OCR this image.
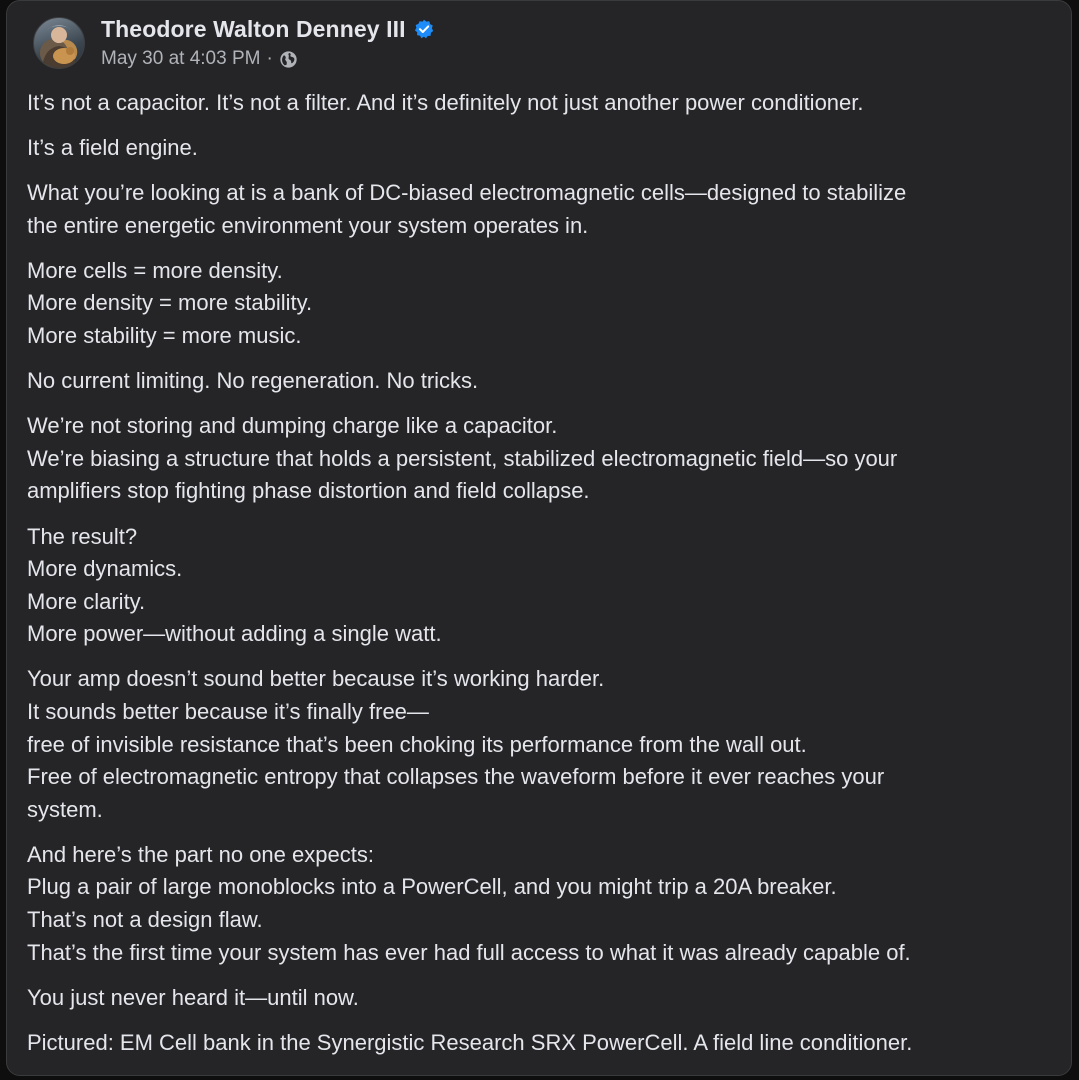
Theodore Walton Denney III
May 30 at 4:03 PM ·
It’s not a capacitor. It’s not a filter. And it’s definitely not just another power conditioner.
It’s a field engine.
What you’re looking at is a bank of DC-biased electromagnetic cells—designed to stabilize
the entire energetic environment your system operates in.
More cells = more density.
More density = more stability.
More stability = more music.
No current limiting. No regeneration. No tricks.
We’re not storing and dumping charge like a capacitor.
We’re biasing a structure that holds a persistent, stabilized electromagnetic field—so your
amplifiers stop fighting phase distortion and field collapse.
The result?
More dynamics.
More clarity.
More power—without adding a single watt.
Your amp doesn’t sound better because it’s working harder.
It sounds better because it’s finally free—
free of invisible resistance that’s been choking its performance from the wall out.
Free of electromagnetic entropy that collapses the waveform before it ever reaches your
system.
And here’s the part no one expects:
Plug a pair of large monoblocks into a PowerCell, and you might trip a 20A breaker.
That’s not a design flaw.
That’s the first time your system has ever had full access to what it was already capable of.
You just never heard it—until now.
Pictured: EM Cell bank in the Synergistic Research SRX PowerCell. A field line conditioner.
